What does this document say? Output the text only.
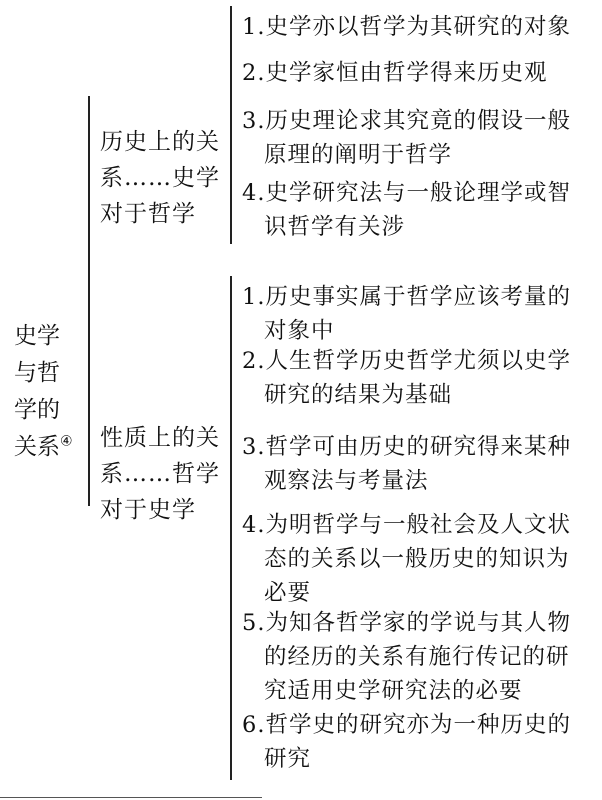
史学
与哲
学的
关系④
历史上的关
系……史学
对于哲学
性质上的关
系……哲学
对于史学
1.史学亦以哲学为其研究的对象
2.史学家恒由哲学得来历史观
3.历史理论求其究竟的假设一般
原理的阐明于哲学
4.史学研究法与一般论理学或智
识哲学有关涉
1.历史事实属于哲学应该考量的
对象中
2.人生哲学历史哲学尤须以史学
研究的结果为基础
3.哲学可由历史的研究得来某种
观察法与考量法
4.为明哲学与一般社会及人文状
态的关系以一般历史的知识为
必要
5.为知各哲学家的学说与其人物
的经历的关系有施行传记的研
究适用史学研究法的必要
6.哲学史的研究亦为一种历史的
研究
